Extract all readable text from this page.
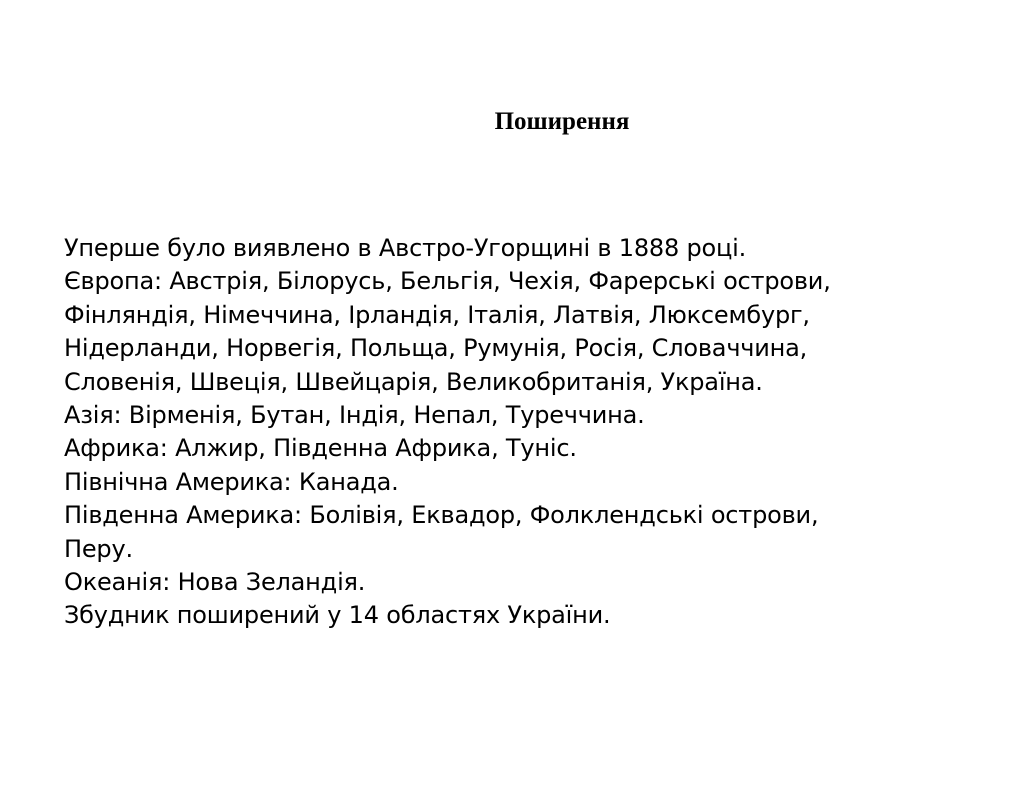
Поширення
Уперше було виявлено в Австро-Угорщині в 1888 році.
Європа: Австрія, Білорусь, Бельгія, Чехія, Фарерські острови,
Фінляндія, Німеччина, Ірландія, Італія, Латвія, Люксембург,
Нідерланди, Норвегія, Польща, Румунія, Росія, Словаччина,
Словенія, Швеція, Швейцарія, Великобританія, Україна.
Азія: Вірменія, Бутан, Індія, Непал, Туреччина.
Африка: Алжир, Південна Африка, Туніс.
Північна Америка: Канада.
Південна Америка: Болівія, Еквадор, Фолклендські острови,
Перу.
Океанія: Нова Зеландія.
Збудник поширений у 14 областях України.
